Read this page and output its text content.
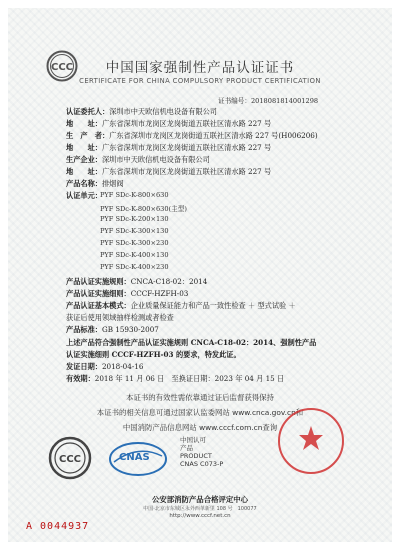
CCC	中国国家强制性产品认证证书
CERTIFICATE FOR CHINA COMPULSORY PRODUCT CERTIFICATION
证书编号：2018081814001298
认证委托人：深圳市中天欧信机电设备有限公司
地　　址：广东省深圳市龙岗区龙岗街道五联社区清水路 227 号
生　产　者：广东省深圳市龙岗区龙岗街道五联社区清水路 227 号(H006206)
地　　址：广东省深圳市龙岗区龙岗街道五联社区清水路 227 号
生产企业：深圳市中天欧信机电设备有限公司
地　　址：广东省深圳市龙岗区龙岗街道五联社区清水路 227 号
产品名称：排烟阀
认证单元：
PYF SDc-K-800×630
PYF SDc-K-800×630(主型)
PYF SDc-K-200×130
PYF SDc-K-300×130
PYF SDc-K-300×230
PYF SDc-K-400×130
PYF SDc-K-400×230
产品认证实施规则：CNCA-C18-02：2014
产品认证实施细则：CCCF-HZFH-03
产品认证基本模式：企业质量保证能力和产品一致性检查 ＋ 型式试验 ＋
获证后使用领域抽样检测或者检查
产品标准：GB 15930-2007
上述产品符合强制性产品认证实施规则 CNCA-C18-02：2014、强制性产品
认证实施细则 CCCF-HZFH-03 的要求，特发此证。
发证日期：2018-04-16
有效期：2018 年 11 月 06 日　至换证日期：2023 年 04 月 15 日
本证书的有效性需依靠通过证后监督获得保持
本证书的相关信息可通过国家认监委网站 www.cnca.gov.cn和
中国消防产品信息网站 www.cccf.com.cn查询
CCC	CNAS
中国认可
产品
PRODUCT
CNAS C073-P
公安部消防产品合格评定中心
中国·北京市东城区永外西革新里 108 号　100077
http://www.cccf.net.cn
A 0044937
